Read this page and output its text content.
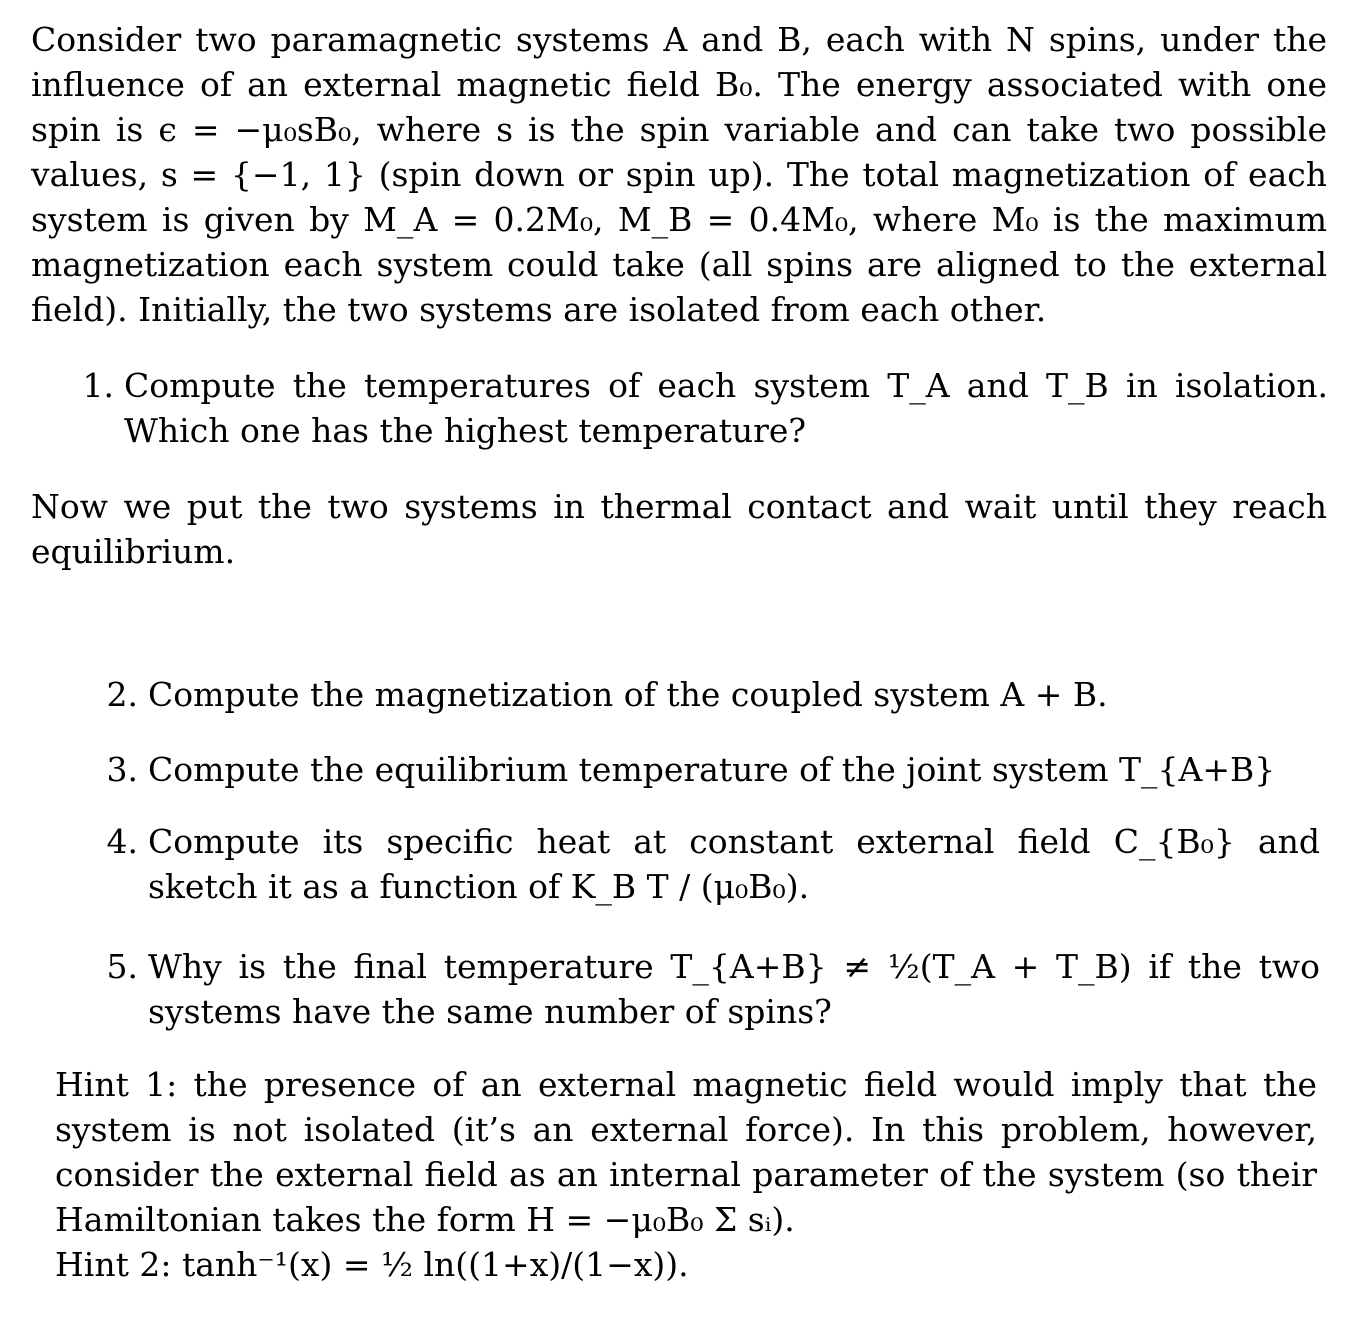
Consider two paramagnetic systems A and B, each with N spins, under the influence of an external magnetic field B₀. The energy associated with one spin is ϵ = −μ₀sB₀, where s is the spin variable and can take two possible values, s = {−1, 1} (spin down or spin up). The total magnetization of each system is given by M_A = 0.2M₀, M_B = 0.4M₀, where M₀ is the maximum magnetization each system could take (all spins are aligned to the external field). Initially, the two systems are isolated from each other.

1. Compute the temperatures of each system T_A and T_B in isolation. Which one has the highest temperature?

Now we put the two systems in thermal contact and wait until they reach equilibrium.

2. Compute the magnetization of the coupled system A + B.
3. Compute the equilibrium temperature of the joint system T_{A+B}
4. Compute its specific heat at constant external field C_{B₀} and sketch it as a function of K_B T / (μ₀B₀).
5. Why is the final temperature T_{A+B} ≠ ½(T_A + T_B) if the two systems have the same number of spins?
Hint 1: the presence of an external magnetic field would imply that the system is not isolated (it’s an external force). In this problem, however, consider the external field as an internal parameter of the system (so their Hamiltonian takes the form H = −μ₀B₀ Σ sᵢ).
Hint 2: tanh⁻¹(x) = ½ ln((1+x)/(1−x)).
